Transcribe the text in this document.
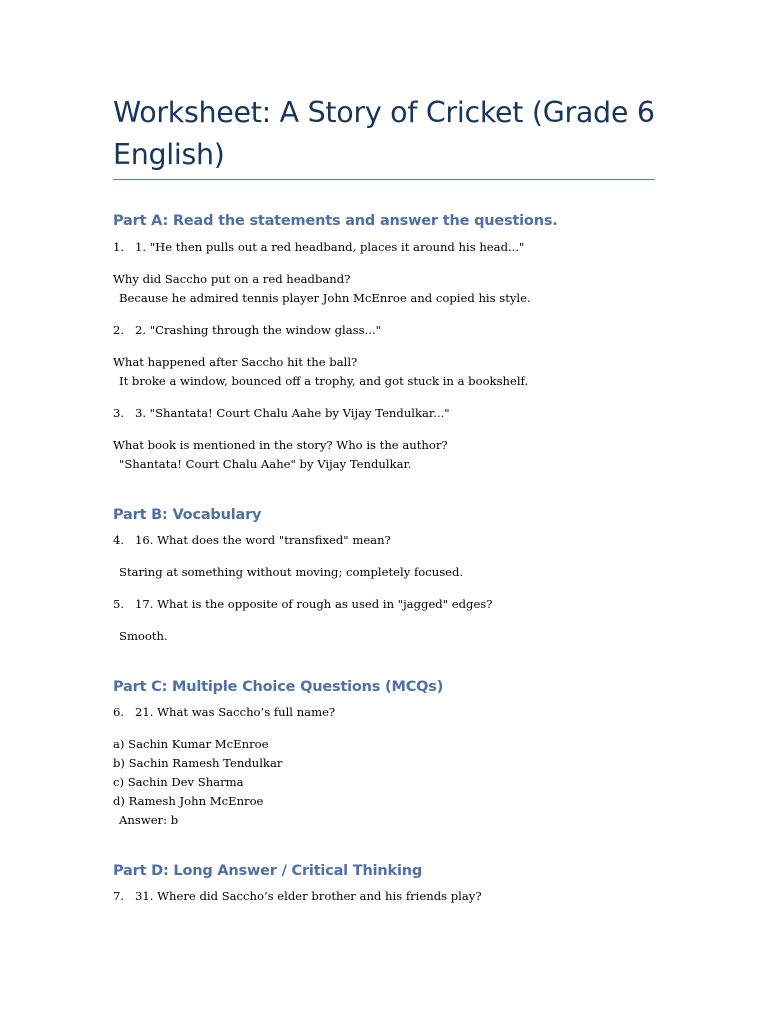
Worksheet: A Story of Cricket (Grade 6 English)
Part A: Read the statements and answer the questions.
1. 1. "He then pulls out a red headband, places it around his head..."
Why did Saccho put on a red headband?
Because he admired tennis player John McEnroe and copied his style.
2. 2. "Crashing through the window glass..."
What happened after Saccho hit the ball?
It broke a window, bounced off a trophy, and got stuck in a bookshelf.
3. 3. "Shantata! Court Chalu Aahe by Vijay Tendulkar..."
What book is mentioned in the story? Who is the author?
"Shantata! Court Chalu Aahe" by Vijay Tendulkar.
Part B: Vocabulary
4. 16. What does the word "transfixed" mean?
Staring at something without moving; completely focused.
5. 17. What is the opposite of rough as used in "jagged" edges?
Smooth.
Part C: Multiple Choice Questions (MCQs)
6. 21. What was Saccho’s full name?
a) Sachin Kumar McEnroe
b) Sachin Ramesh Tendulkar
c) Sachin Dev Sharma
d) Ramesh John McEnroe
Answer: b
Part D: Long Answer / Critical Thinking
7. 31. Where did Saccho’s elder brother and his friends play?
